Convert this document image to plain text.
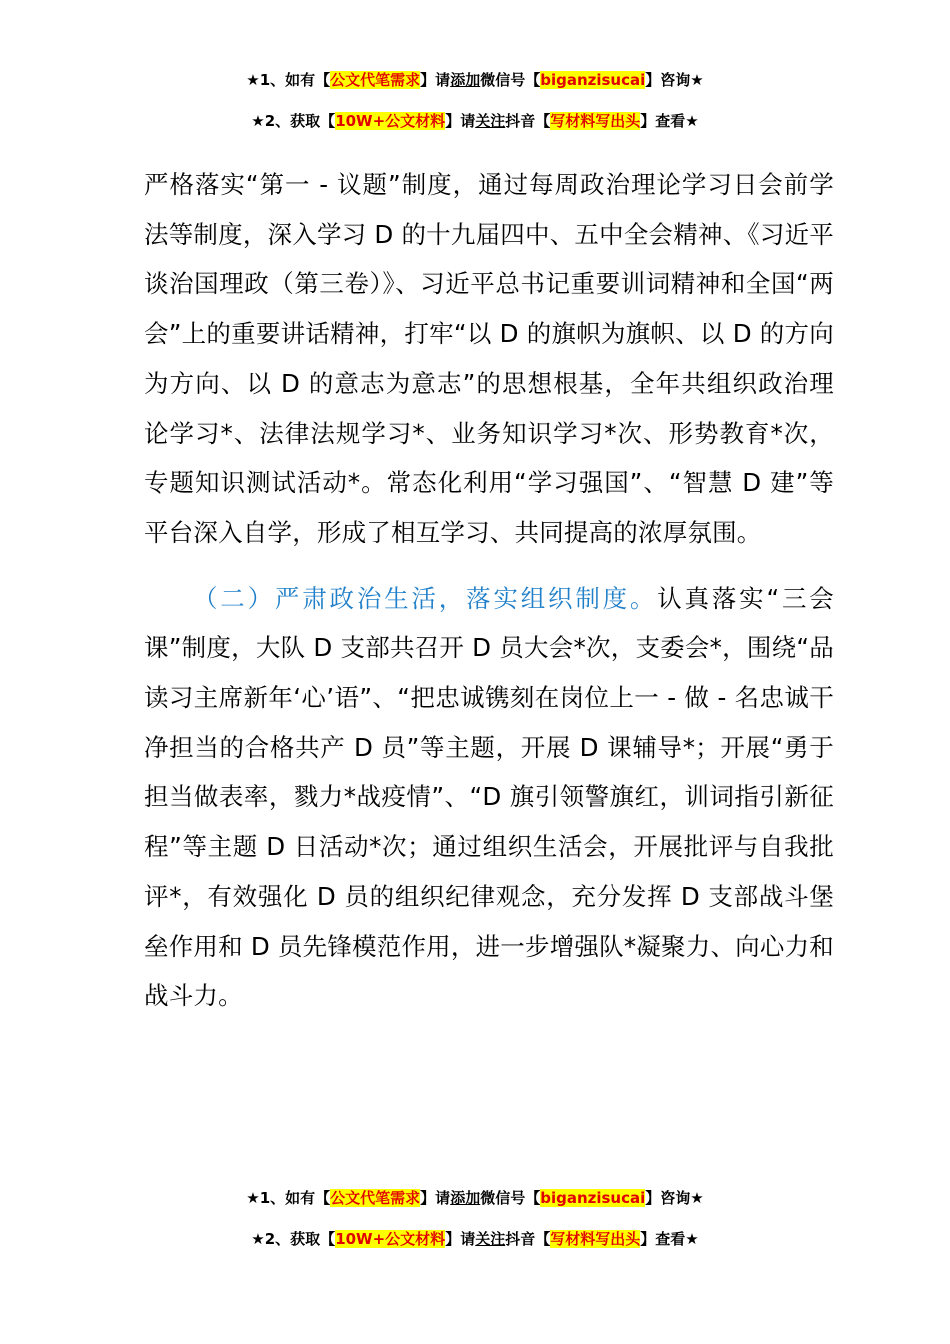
★1、如有【公文代笔需求】请添加微信号【biganzisucai】咨询★
★2、获取【10W+公文材料】请关注抖音【写材料写出头】查看★

严格落实“第一 - 议题”制度，通过每周政治理论学习日会前学法等制度，深入学习 D 的十九届四中、五中全会精神、《习近平谈治国理政（第三卷）》、习近平总书记重要训词精神和全国“两会”上的重要讲话精神，打牢“以 D 的旗帜为旗帜、以 D 的方向为方向、以 D 的意志为意志”的思想根基，全年共组织政治理论学习*、法律法规学习*、业务知识学习*次、形势教育*次，专题知识测试活动*。常态化利用“学习强国”、“智慧 D 建”等平台深入自学，形成了相互学习、共同提高的浓厚氛围。

（二）严肃政治生活，落实组织制度。认真落实“三会课”制度，大队 D 支部共召开 D 员大会*次，支委会*，围绕“品读习主席新年‘心’语”、“把忠诚镌刻在岗位上一 - 做 - 名忠诚干净担当的合格共产 D 员”等主题，开展 D 课辅导*；开展“勇于担当做表率，戮力*战疫情”、“D 旗引领警旗红，训词指引新征程”等主题 D 日活动*次；通过组织生活会，开展批评与自我批评*，有效强化 D 员的组织纪律观念，充分发挥 D 支部战斗堡垒作用和 D 员先锋模范作用，进一步增强队*凝聚力、向心力和战斗力。

★1、如有【公文代笔需求】请添加微信号【biganzisucai】咨询★
★2、获取【10W+公文材料】请关注抖音【写材料写出头】查看★
